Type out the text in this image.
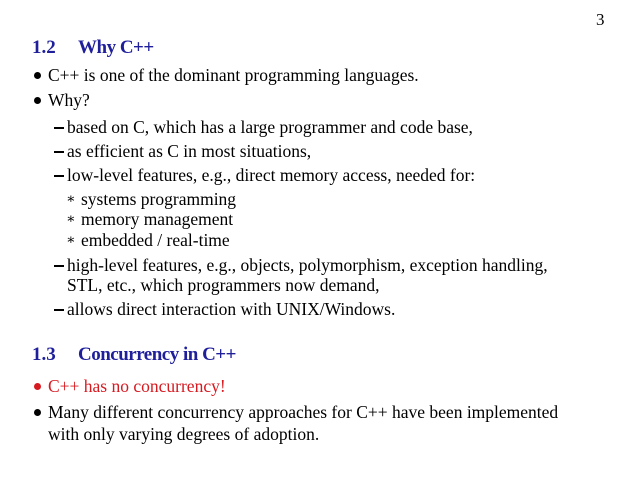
3
1.2 Why C++
C++ is one of the dominant programming languages.
Why?
based on C, which has a large programmer and code base,
as efficient as C in most situations,
low-level features, e.g., direct memory access, needed for:
∗ systems programming
∗ memory management
∗ embedded / real-time
high-level features, e.g., objects, polymorphism, exception handling,
STL, etc., which programmers now demand,
allows direct interaction with UNIX/Windows.
1.3 Concurrency in C++
C++ has no concurrency!
Many different concurrency approaches for C++ have been implemented
with only varying degrees of adoption.
